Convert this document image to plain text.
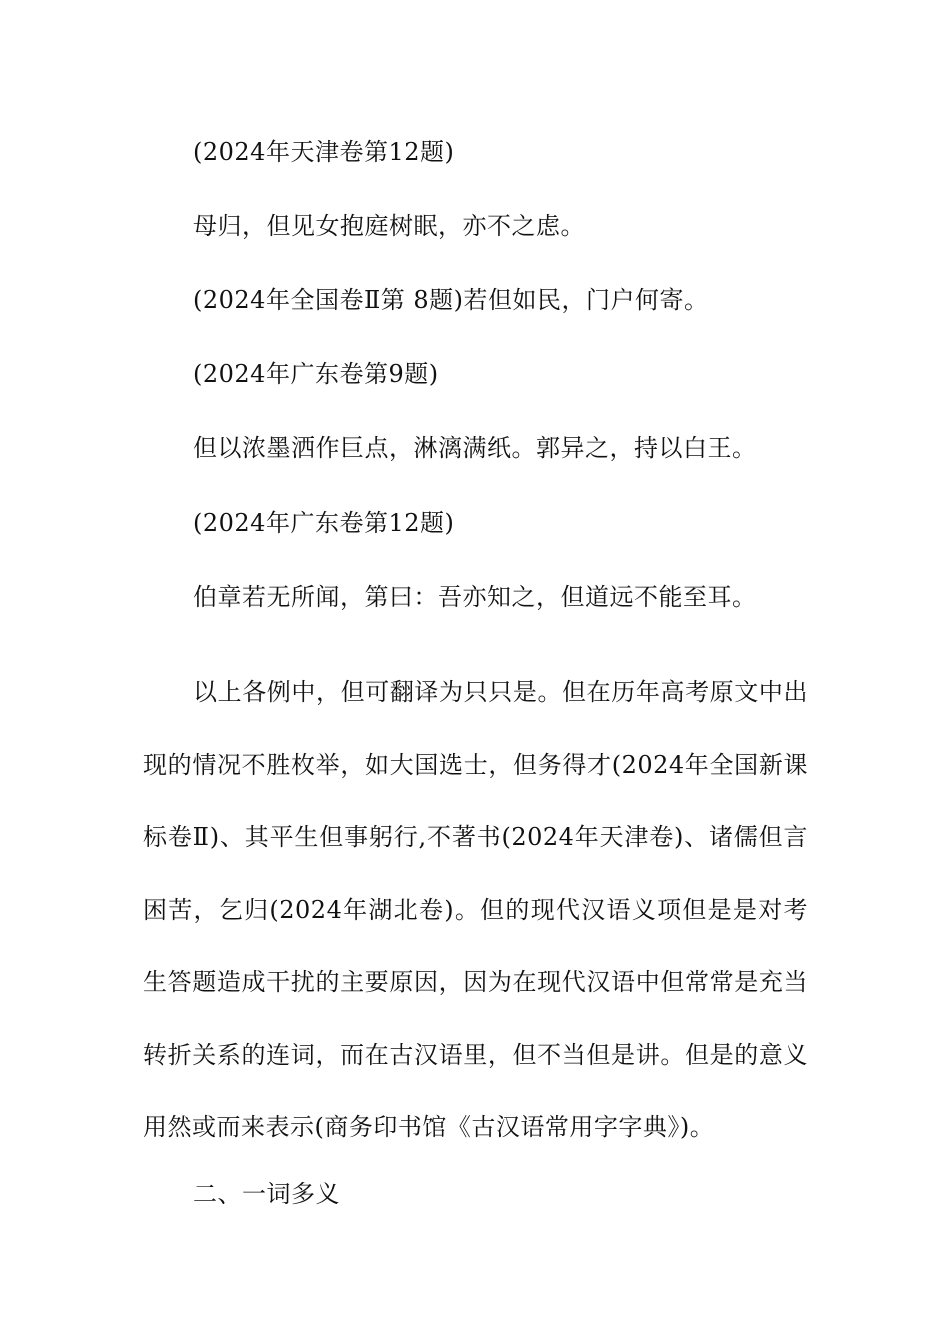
(2024年天津卷第12题)
母归，但见女抱庭树眠，亦不之虑。
(2024年全国卷Ⅱ第 8题)若但如民，门户何寄。
(2024年广东卷第9题)
但以浓墨洒作巨点，淋漓满纸。郭异之，持以白王。
(2024年广东卷第12题)
伯章若无所闻，第曰：吾亦知之，但道远不能至耳。

以上各例中，但可翻译为只只是。但在历年高考原文中出现的情况不胜枚举，如大国选士，但务得才(2024年全国新课标卷Ⅱ)、其平生但事躬行,不著书(2024年天津卷)、诸儒但言困苦，乞归(2024年湖北卷)。但的现代汉语义项但是是对考生答题造成干扰的主要原因，因为在现代汉语中但常常是充当转折关系的连词，而在古汉语里，但不当但是讲。但是的意义用然或而来表示(商务印书馆《古汉语常用字字典》)。

二、一词多义
